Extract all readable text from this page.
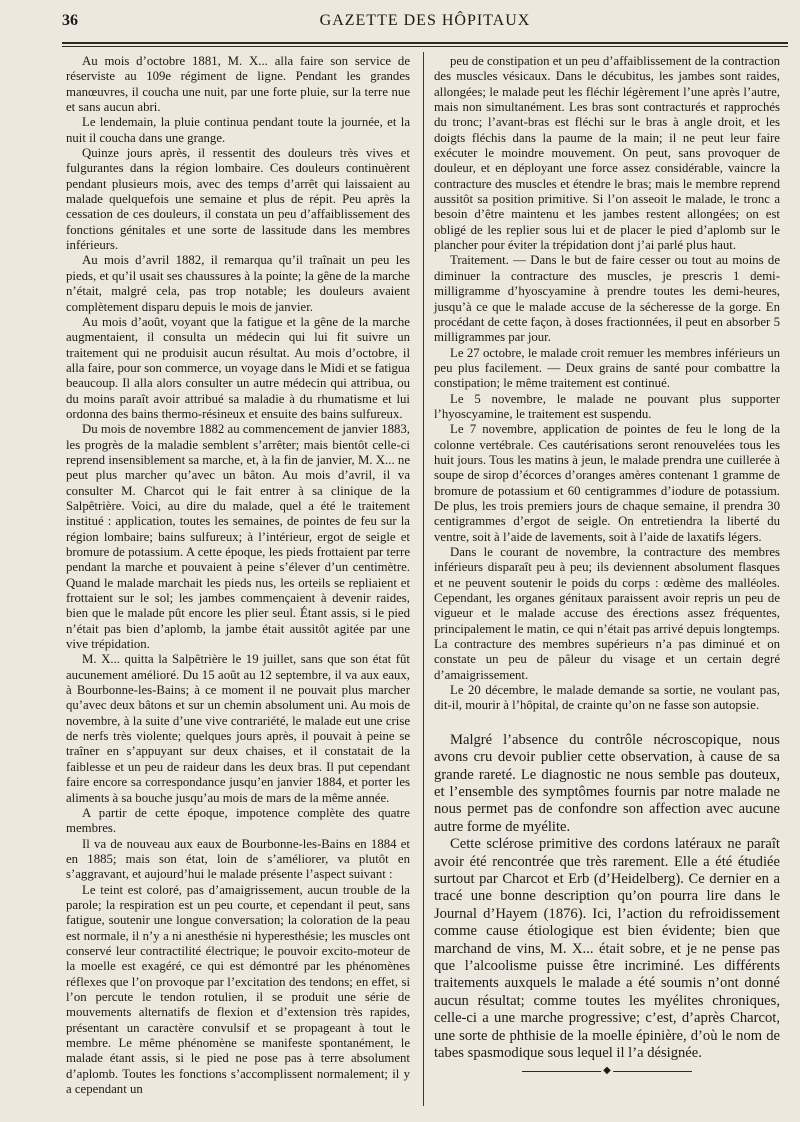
36	GAZETTE DES HÔPITAUX

Au mois d’octobre 1881, M. X... alla faire son service de réserviste au 109e régiment de ligne. Pendant les grandes manœuvres, il coucha une nuit, par une forte pluie, sur la terre nue et sans aucun abri.

Le lendemain, la pluie continua pendant toute la journée, et la nuit il coucha dans une grange.

Quinze jours après, il ressentit des douleurs très vives et fulgurantes dans la région lombaire. Ces douleurs continuèrent pendant plusieurs mois, avec des temps d’arrêt qui laissaient au malade quelquefois une semaine et plus de répit. Peu après la cessation de ces douleurs, il constata un peu d’affaiblissement des fonctions génitales et une sorte de lassitude dans les membres inférieurs.

Au mois d’avril 1882, il remarqua qu’il traînait un peu les pieds, et qu’il usait ses chaussures à la pointe; la gêne de la marche n’était, malgré cela, pas trop notable; les douleurs avaient complètement disparu depuis le mois de janvier.

Au mois d’août, voyant que la fatigue et la gêne de la marche augmentaient, il consulta un médecin qui lui fit suivre un traitement qui ne produisit aucun résultat. Au mois d’octobre, il alla faire, pour son commerce, un voyage dans le Midi et se fatigua beaucoup. Il alla alors consulter un autre médecin qui attribua, ou du moins paraît avoir attribué sa maladie à du rhumatisme et lui ordonna des bains thermo-résineux et ensuite des bains sulfureux.

Du mois de novembre 1882 au commencement de janvier 1883, les progrès de la maladie semblent s’arrêter; mais bientôt celle-ci reprend insensiblement sa marche, et, à la fin de janvier, M. X... ne peut plus marcher qu’avec un bâton. Au mois d’avril, il va consulter M. Charcot qui le fait entrer à sa clinique de la Salpêtrière. Voici, au dire du malade, quel a été le traitement institué : application, toutes les semaines, de pointes de feu sur la région lombaire; bains sulfureux; à l’intérieur, ergot de seigle et bromure de potassium. A cette époque, les pieds frottaient par terre pendant la marche et pouvaient à peine s’élever d’un centimètre. Quand le malade marchait les pieds nus, les orteils se repliaient et frottaient sur le sol; les jambes commençaient à devenir raides, bien que le malade pût encore les plier seul. Étant assis, si le pied n’était pas bien d’aplomb, la jambe était aussitôt agitée par une vive trépidation.

M. X... quitta la Salpêtrière le 19 juillet, sans que son état fût aucunement amélioré. Du 15 août au 12 septembre, il va aux eaux, à Bourbonne-les-Bains; à ce moment il ne pouvait plus marcher qu’avec deux bâtons et sur un chemin absolument uni. Au mois de novembre, à la suite d’une vive contrariété, le malade eut une crise de nerfs très violente; quelques jours après, il pouvait à peine se traîner en s’appuyant sur deux chaises, et il constatait de la faiblesse et un peu de raideur dans les deux bras. Il put cependant faire encore sa correspondance jusqu’en janvier 1884, et porter les aliments à sa bouche jusqu’au mois de mars de la même année.

A partir de cette époque, impotence complète des quatre membres.

Il va de nouveau aux eaux de Bourbonne-les-Bains en 1884 et en 1885; mais son état, loin de s’améliorer, va plutôt en s’aggravant, et aujourd’hui le malade présente l’aspect suivant :

Le teint est coloré, pas d’amaigrissement, aucun trouble de la parole; la respiration est un peu courte, et cependant il peut, sans fatigue, soutenir une longue conversation; la coloration de la peau est normale, il n’y a ni anesthésie ni hyperesthésie; les muscles ont conservé leur contractilité électrique; le pouvoir excito-moteur de la moelle est exagéré, ce qui est démontré par les phénomènes réflexes que l’on provoque par l’excitation des tendons; en effet, si l’on percute le tendon rotulien, il se produit une série de mouvements alternatifs de flexion et d’extension très rapides, présentant un caractère convulsif et se propageant à tout le membre. Le même phénomène se manifeste spontanément, le malade étant assis, si le pied ne pose pas à terre absolument d’aplomb. Toutes les fonctions s’accomplissent normalement; il y a cependant un

peu de constipation et un peu d’affaiblissement de la contraction des muscles vésicaux. Dans le décubitus, les jambes sont raides, allongées; le malade peut les fléchir légèrement l’une après l’autre, mais non simultanément. Les bras sont contracturés et rapprochés du tronc; l’avant-bras est fléchi sur le bras à angle droit, et les doigts fléchis dans la paume de la main; il ne peut leur faire exécuter le moindre mouvement. On peut, sans provoquer de douleur, et en déployant une force assez considérable, vaincre la contracture des muscles et étendre le bras; mais le membre reprend aussitôt sa position primitive. Si l’on asseoit le malade, le tronc a besoin d’être maintenu et les jambes restent allongées; on est obligé de les replier sous lui et de placer le pied d’aplomb sur le plancher pour éviter la trépidation dont j’ai parlé plus haut.

Traitement. — Dans le but de faire cesser ou tout au moins de diminuer la contracture des muscles, je prescris 1 demi-milligramme d’hyoscyamine à prendre toutes les demi-heures, jusqu’à ce que le malade accuse de la sécheresse de la gorge. En procédant de cette façon, à doses fractionnées, il peut en absorber 5 milligrammes par jour.

Le 27 octobre, le malade croit remuer les membres inférieurs un peu plus facilement. — Deux grains de santé pour combattre la constipation; le même traitement est continué.

Le 5 novembre, le malade ne pouvant plus supporter l’hyoscyamine, le traitement est suspendu.

Le 7 novembre, application de pointes de feu le long de la colonne vertébrale. Ces cautérisations seront renouvelées tous les huit jours. Tous les matins à jeun, le malade prendra une cuillerée à soupe de sirop d’écorces d’oranges amères contenant 1 gramme de bromure de potassium et 60 centigrammes d’iodure de potassium. De plus, les trois premiers jours de chaque semaine, il prendra 30 centigrammes d’ergot de seigle. On entretiendra la liberté du ventre, soit à l’aide de lavements, soit à l’aide de laxatifs légers.

Dans le courant de novembre, la contracture des membres inférieurs disparaît peu à peu; ils deviennent absolument flasques et ne peuvent soutenir le poids du corps : œdème des malléoles. Cependant, les organes génitaux paraissent avoir repris un peu de vigueur et le malade accuse des érections assez fréquentes, principalement le matin, ce qui n’était pas arrivé depuis longtemps. La contracture des membres supérieurs n’a pas diminué et on constate un peu de pâleur du visage et un certain degré d’amaigrissement.

Le 20 décembre, le malade demande sa sortie, ne voulant pas, dit-il, mourir à l’hôpital, de crainte qu’on ne fasse son autopsie.

Malgré l’absence du contrôle nécroscopique, nous avons cru devoir publier cette observation, à cause de sa grande rareté. Le diagnostic ne nous semble pas douteux, et l’ensemble des symptômes fournis par notre malade ne nous permet pas de confondre son affection avec aucune autre forme de myélite.

Cette sclérose primitive des cordons latéraux ne paraît avoir été rencontrée que très rarement. Elle a été étudiée surtout par Charcot et Erb (d’Heidelberg). Ce dernier en a tracé une bonne description qu’on pourra lire dans le Journal d’Hayem (1876). Ici, l’action du refroidissement comme cause étiologique est bien évidente; bien que marchand de vins, M. X... était sobre, et je ne pense pas que l’alcoolisme puisse être incriminé. Les différents traitements auxquels le malade a été soumis n’ont donné aucun résultat; comme toutes les myélites chroniques, celle-ci a une marche progressive; c’est, d’après Charcot, une sorte de phthisie de la moelle épinière, d’où le nom de tabes spasmodique sous lequel il l’a désignée.

◆
